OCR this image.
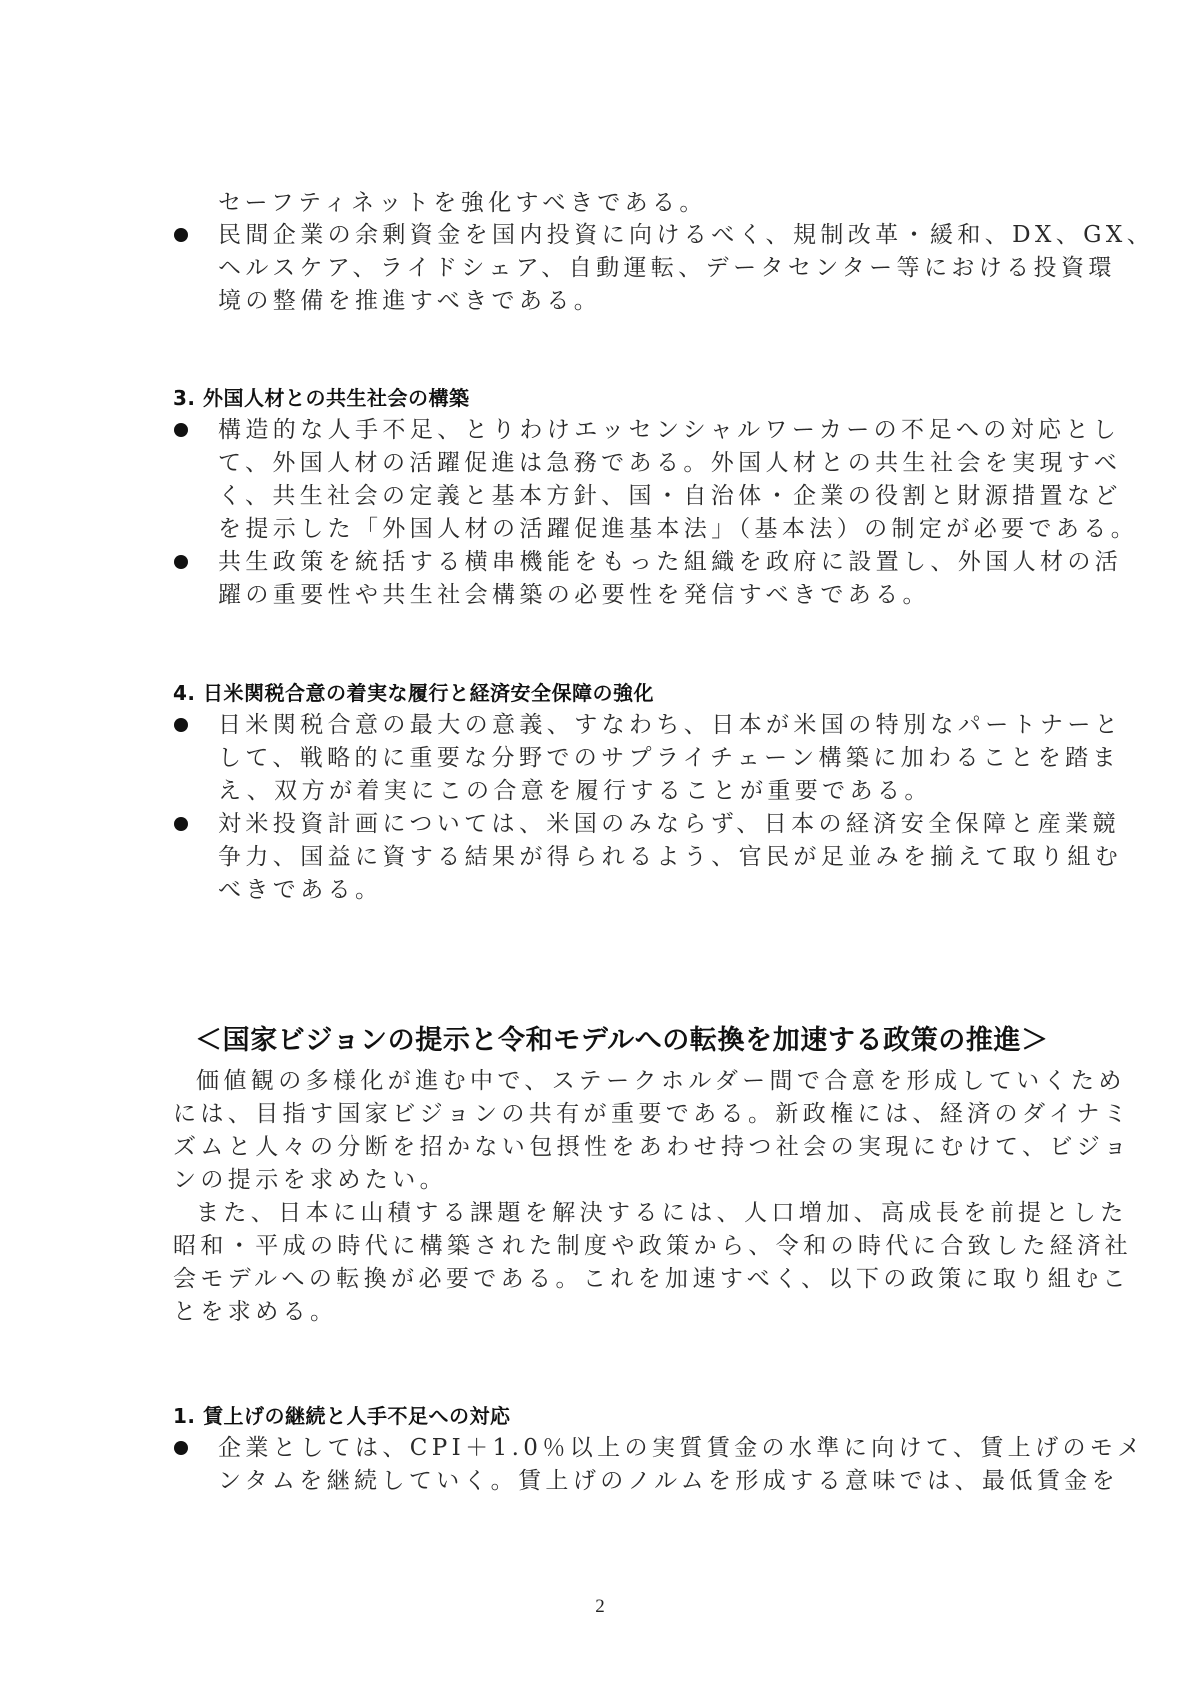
セーフティネットを強化すべきである。
民間企業の余剰資金を国内投資に向けるべく、規制改革・緩和、DX、GX、
ヘルスケア、ライドシェア、自動運転、データセンター等における投資環
境の整備を推進すべきである。
3. 外国人材との共生社会の構築
構造的な人手不足、とりわけエッセンシャルワーカーの不足への対応とし
て、外国人材の活躍促進は急務である。外国人材との共生社会を実現すべ
く、共生社会の定義と基本方針、国・自治体・企業の役割と財源措置など
を提示した「外国人材の活躍促進基本法」（基本法）の制定が必要である。
共生政策を統括する横串機能をもった組織を政府に設置し、外国人材の活
躍の重要性や共生社会構築の必要性を発信すべきである。
4. 日米関税合意の着実な履行と経済安全保障の強化
日米関税合意の最大の意義、すなわち、日本が米国の特別なパートナーと
して、戦略的に重要な分野でのサプライチェーン構築に加わることを踏ま
え、双方が着実にこの合意を履行することが重要である。
対米投資計画については、米国のみならず、日本の経済安全保障と産業競
争力、国益に資する結果が得られるよう、官民が足並みを揃えて取り組む
べきである。
＜国家ビジョンの提示と令和モデルへの転換を加速する政策の推進＞
価値観の多様化が進む中で、ステークホルダー間で合意を形成していくため
には、目指す国家ビジョンの共有が重要である。新政権には、経済のダイナミ
ズムと人々の分断を招かない包摂性をあわせ持つ社会の実現にむけて、ビジョ
ンの提示を求めたい。
また、日本に山積する課題を解決するには、人口増加、高成長を前提とした
昭和・平成の時代に構築された制度や政策から、令和の時代に合致した経済社
会モデルへの転換が必要である。これを加速すべく、以下の政策に取り組むこ
とを求める。
1. 賃上げの継続と人手不足への対応
企業としては、CPI＋1.0％以上の実質賃金の水準に向けて、賃上げのモメ
ンタムを継続していく。賃上げのノルムを形成する意味では、最低賃金を
2
